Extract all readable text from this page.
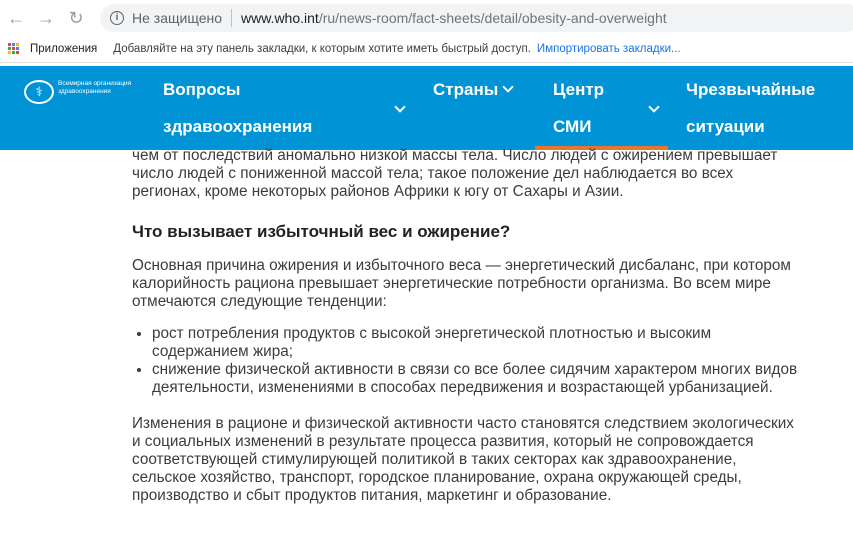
← → ↻	i Не защищено www.who.int /ru/news-room/fact-sheets/detail/obesity-and-overweight
Приложения Добавляйте на эту панель закладки, к которым хотите иметь быстрый доступ. Импортировать закладки...
⚕
Всемирная организация
здравоохранения	Вопросы здравоохранения
Страны	Центр СМИ
Чрезвычайные ситуации

чем от последствий аномально низкой массы тела. Число людей с ожирением превышает число людей с пониженной массой тела; такое положение дел наблюдается во всех регионах, кроме некоторых районов Африки к югу от Сахары и Азии.

Что вызывает избыточный вес и ожирение?

Основная причина ожирения и избыточного веса — энергетический дисбаланс, при котором калорийность рациона превышает энергетические потребности организма. Во всем мире отмечаются следующие тенденции:

• рост потребления продуктов с высокой энергетической плотностью и высоким содержанием жира;
• снижение физической активности в связи со все более сидячим характером многих видов деятельности, изменениями в способах передвижения и возрастающей урбанизацией.

Изменения в рационе и физической активности часто становятся следствием экологических и социальных изменений в результате процесса развития, который не сопровождается соответствующей стимулирующей политикой в таких секторах как здравоохранение, сельское хозяйство, транспорт, городское планирование, охрана окружающей среды, производство и сбыт продуктов питания, маркетинг и образование.
